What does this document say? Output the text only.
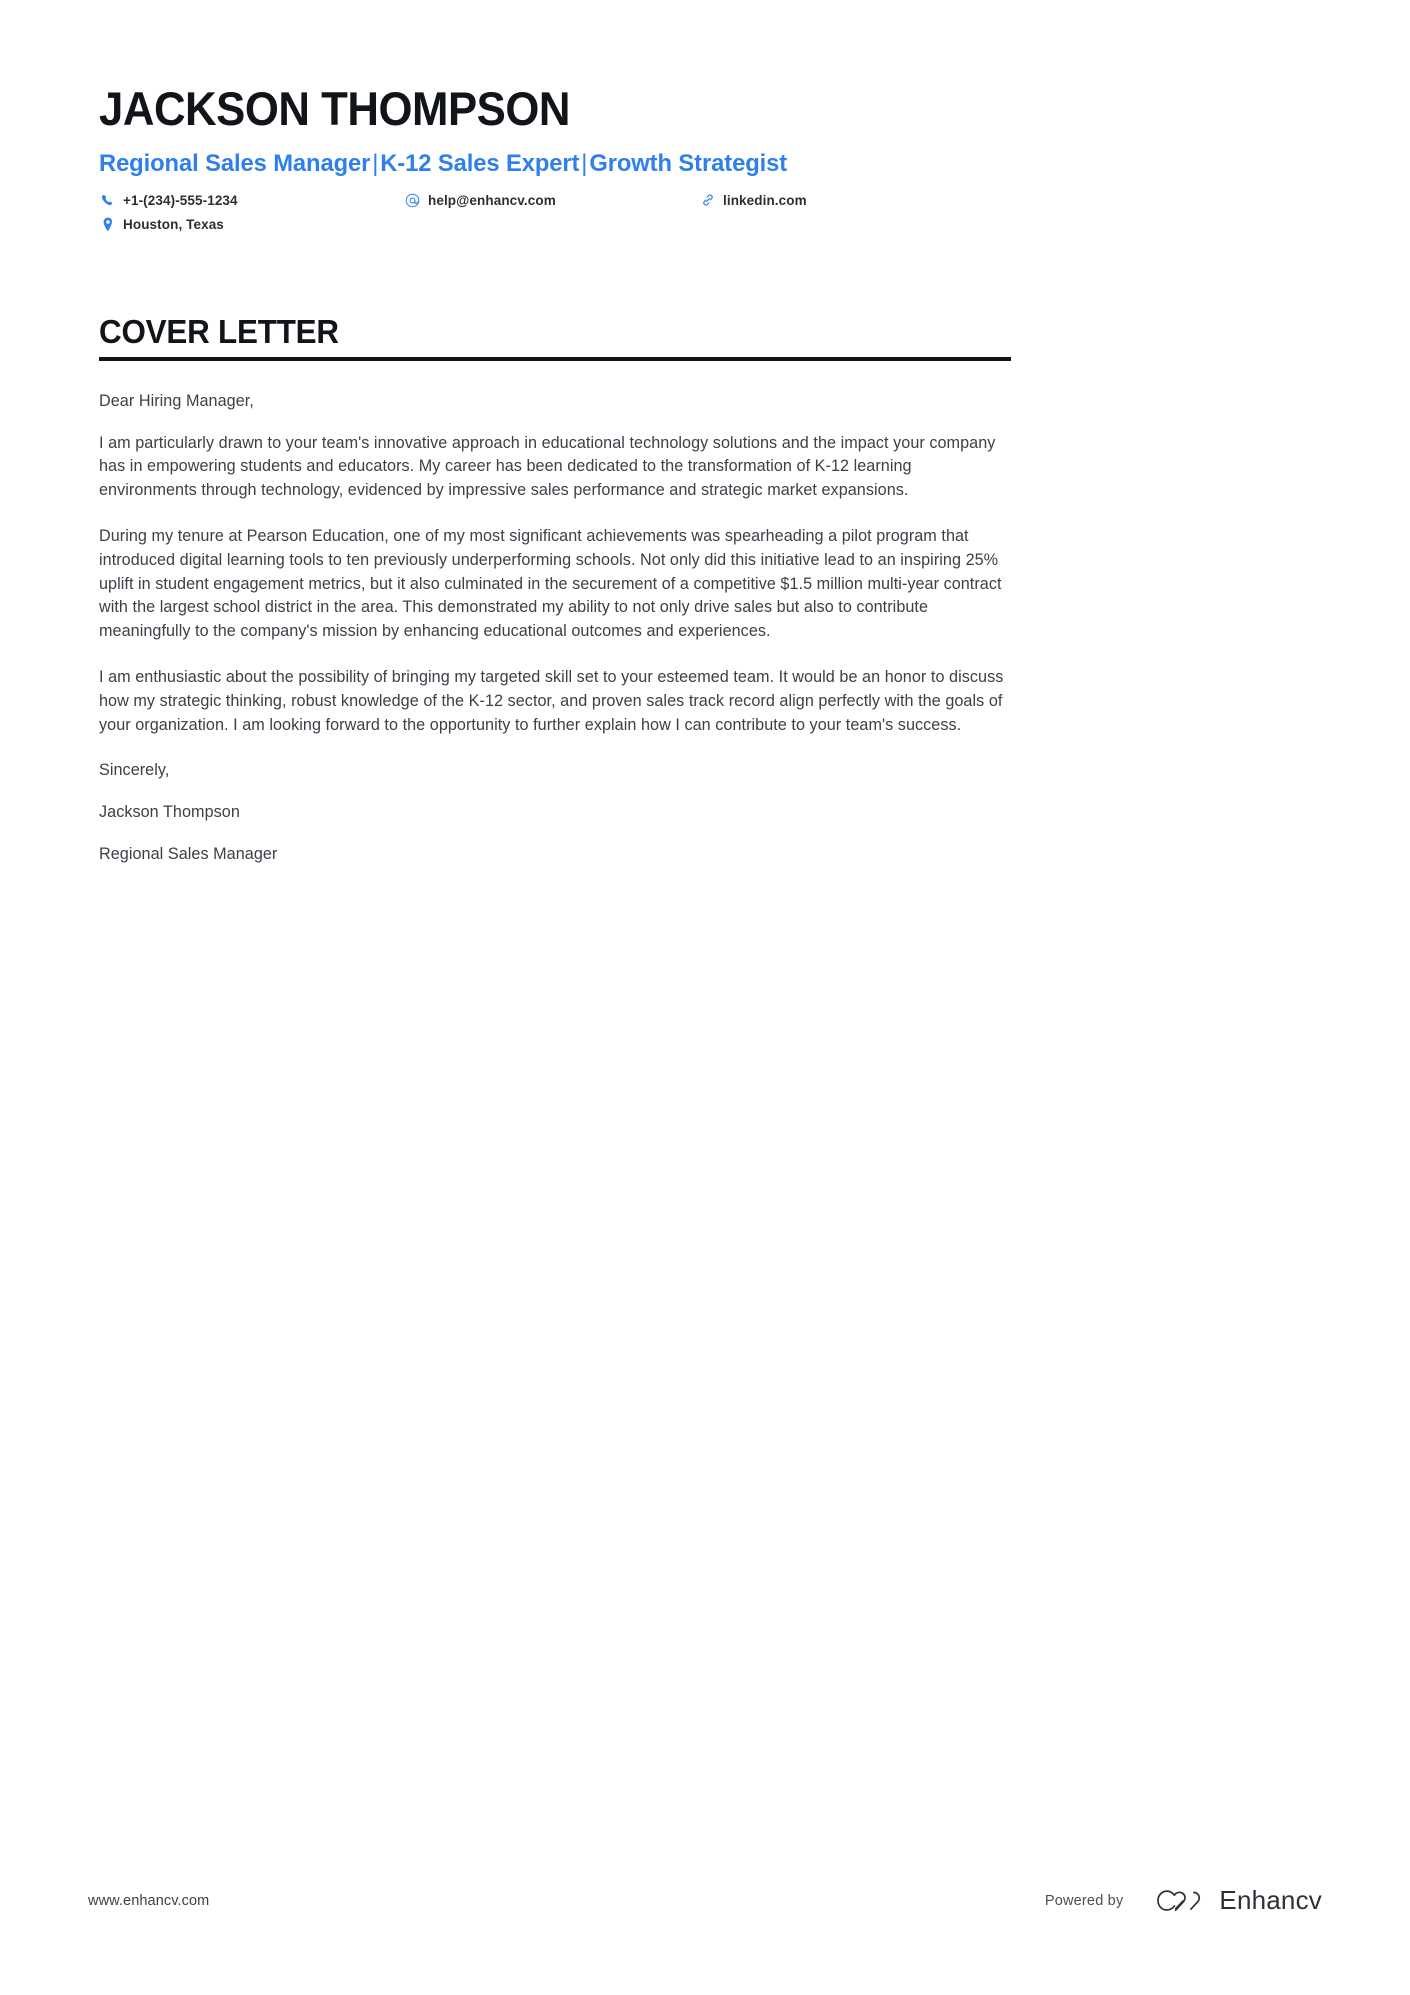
JACKSON THOMPSON
Regional Sales Manager|K-12 Sales Expert|Growth Strategist
+1-(234)-555-1234	help@enhancv.com	linkedin.com
Houston, Texas
COVER LETTER

Dear Hiring Manager,

I am particularly drawn to your team's innovative approach in educational technology solutions and the impact your company has in empowering students and educators. My career has been dedicated to the transformation of K-12 learning environments through technology, evidenced by impressive sales performance and strategic market expansions.

During my tenure at Pearson Education, one of my most significant achievements was spearheading a pilot program that introduced digital learning tools to ten previously underperforming schools. Not only did this initiative lead to an inspiring 25% uplift in student engagement metrics, but it also culminated in the securement of a competitive $1.5 million multi-year contract with the largest school district in the area. This demonstrated my ability to not only drive sales but also to contribute meaningfully to the company's mission by enhancing educational outcomes and experiences.

I am enthusiastic about the possibility of bringing my targeted skill set to your esteemed team. It would be an honor to discuss how my strategic thinking, robust knowledge of the K-12 sector, and proven sales track record align perfectly with the goals of your organization. I am looking forward to the opportunity to further explain how I can contribute to your team's success.

Sincerely,

Jackson Thompson

Regional Sales Manager

www.enhancv.com	Powered by	Enhancv
